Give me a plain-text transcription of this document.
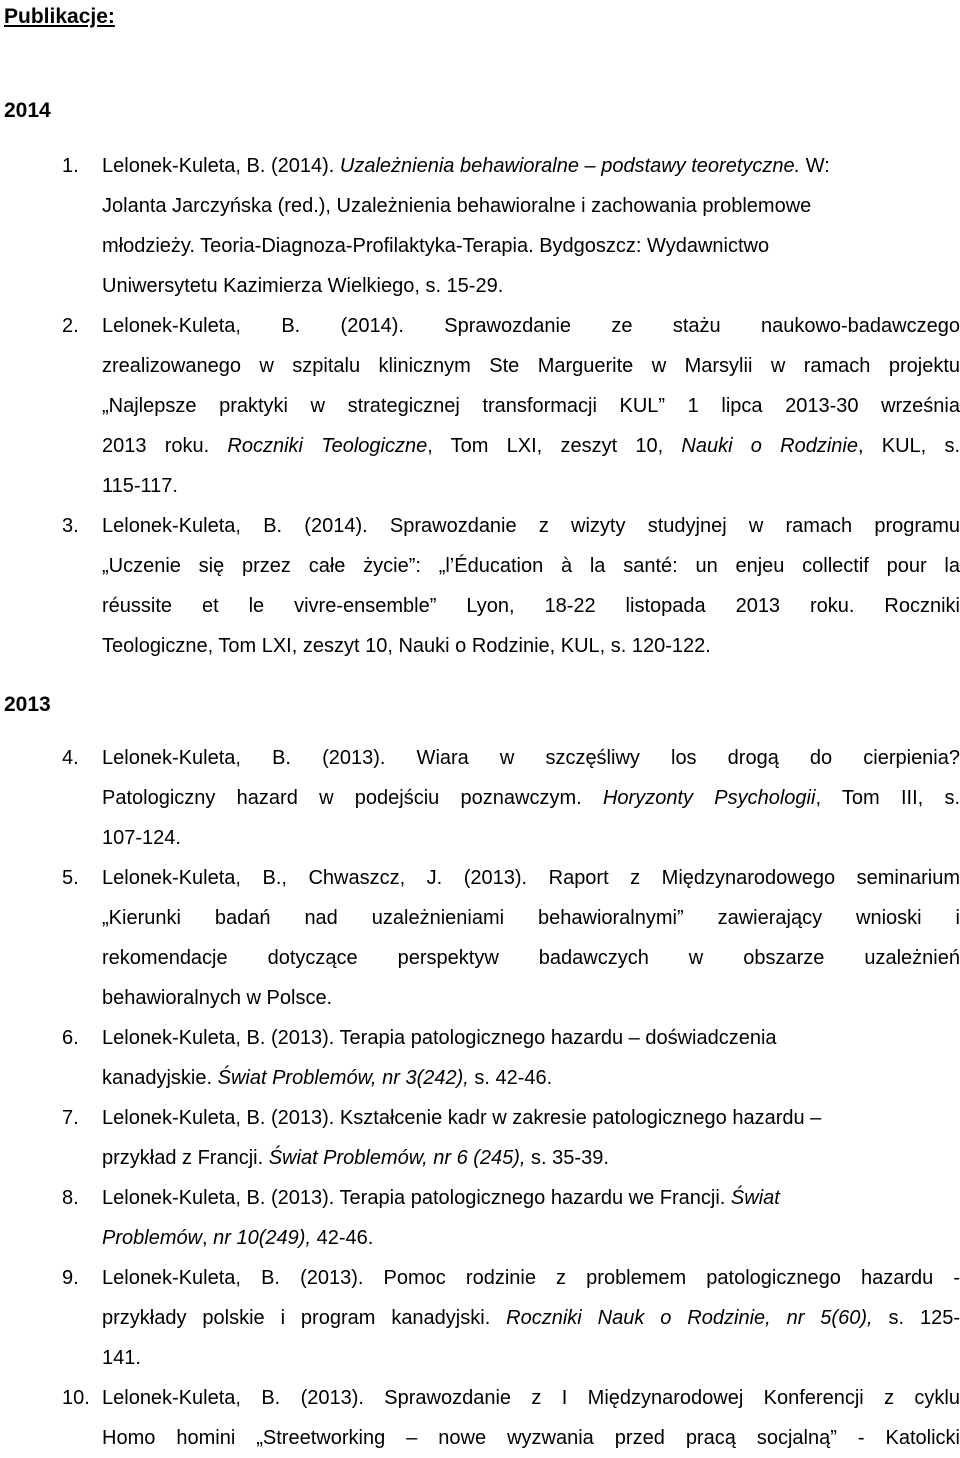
Publikacje:
2014
1.	Lelonek-Kuleta, B. (2014). Uzależnienia behawioralne – podstawy teoretyczne. W:
Jolanta Jarczyńska (red.), Uzależnienia behawioralne i zachowania problemowe
młodzieży. Teoria-Diagnoza-Profilaktyka-Terapia. Bydgoszcz: Wydawnictwo
Uniwersytetu Kazimierza Wielkiego, s. 15-29.
2.	Lelonek-Kuleta, B. (2014). Sprawozdanie ze stażu naukowo-badawczego
zrealizowanego w szpitalu klinicznym Ste Marguerite w Marsylii w ramach projektu
„Najlepsze praktyki w strategicznej transformacji KUL” 1 lipca 2013-30 września
2013 roku. Roczniki Teologiczne, Tom LXI, zeszyt 10, Nauki o Rodzinie, KUL, s.
115-117.
3.	Lelonek-Kuleta, B. (2014). Sprawozdanie z wizyty studyjnej w ramach programu
„Uczenie się przez całe życie”: „l’Éducation à la santé: un enjeu collectif pour la
réussite et le vivre-ensemble” Lyon, 18-22 listopada 2013 roku. Roczniki
Teologiczne, Tom LXI, zeszyt 10, Nauki o Rodzinie, KUL, s. 120-122.
2013
4.	Lelonek-Kuleta, B. (2013). Wiara w szczęśliwy los drogą do cierpienia?
Patologiczny hazard w podejściu poznawczym. Horyzonty Psychologii, Tom III, s.
107-124.
5.	Lelonek-Kuleta, B., Chwaszcz, J. (2013). Raport z Międzynarodowego seminarium
„Kierunki badań nad uzależnieniami behawioralnymi” zawierający wnioski i
rekomendacje dotyczące perspektyw badawczych w obszarze uzależnień
behawioralnych w Polsce.
6.	Lelonek-Kuleta, B. (2013). Terapia patologicznego hazardu – doświadczenia
kanadyjskie. Świat Problemów, nr 3(242), s. 42-46.
7.	Lelonek-Kuleta, B. (2013). Kształcenie kadr w zakresie patologicznego hazardu –
przykład z Francji. Świat Problemów, nr 6 (245), s. 35-39.
8.	Lelonek-Kuleta, B. (2013). Terapia patologicznego hazardu we Francji. Świat
Problemów, nr 10(249), 42-46.
9.	Lelonek-Kuleta, B. (2013). Pomoc rodzinie z problemem patologicznego hazardu -
przykłady polskie i program kanadyjski. Roczniki Nauk o Rodzinie, nr 5(60), s. 125-
141.
10. Lelonek-Kuleta, B. (2013). Sprawozdanie z I Międzynarodowej Konferencji z cyklu
Homo homini „Streetworking – nowe wyzwania przed pracą socjalną” - Katolicki
